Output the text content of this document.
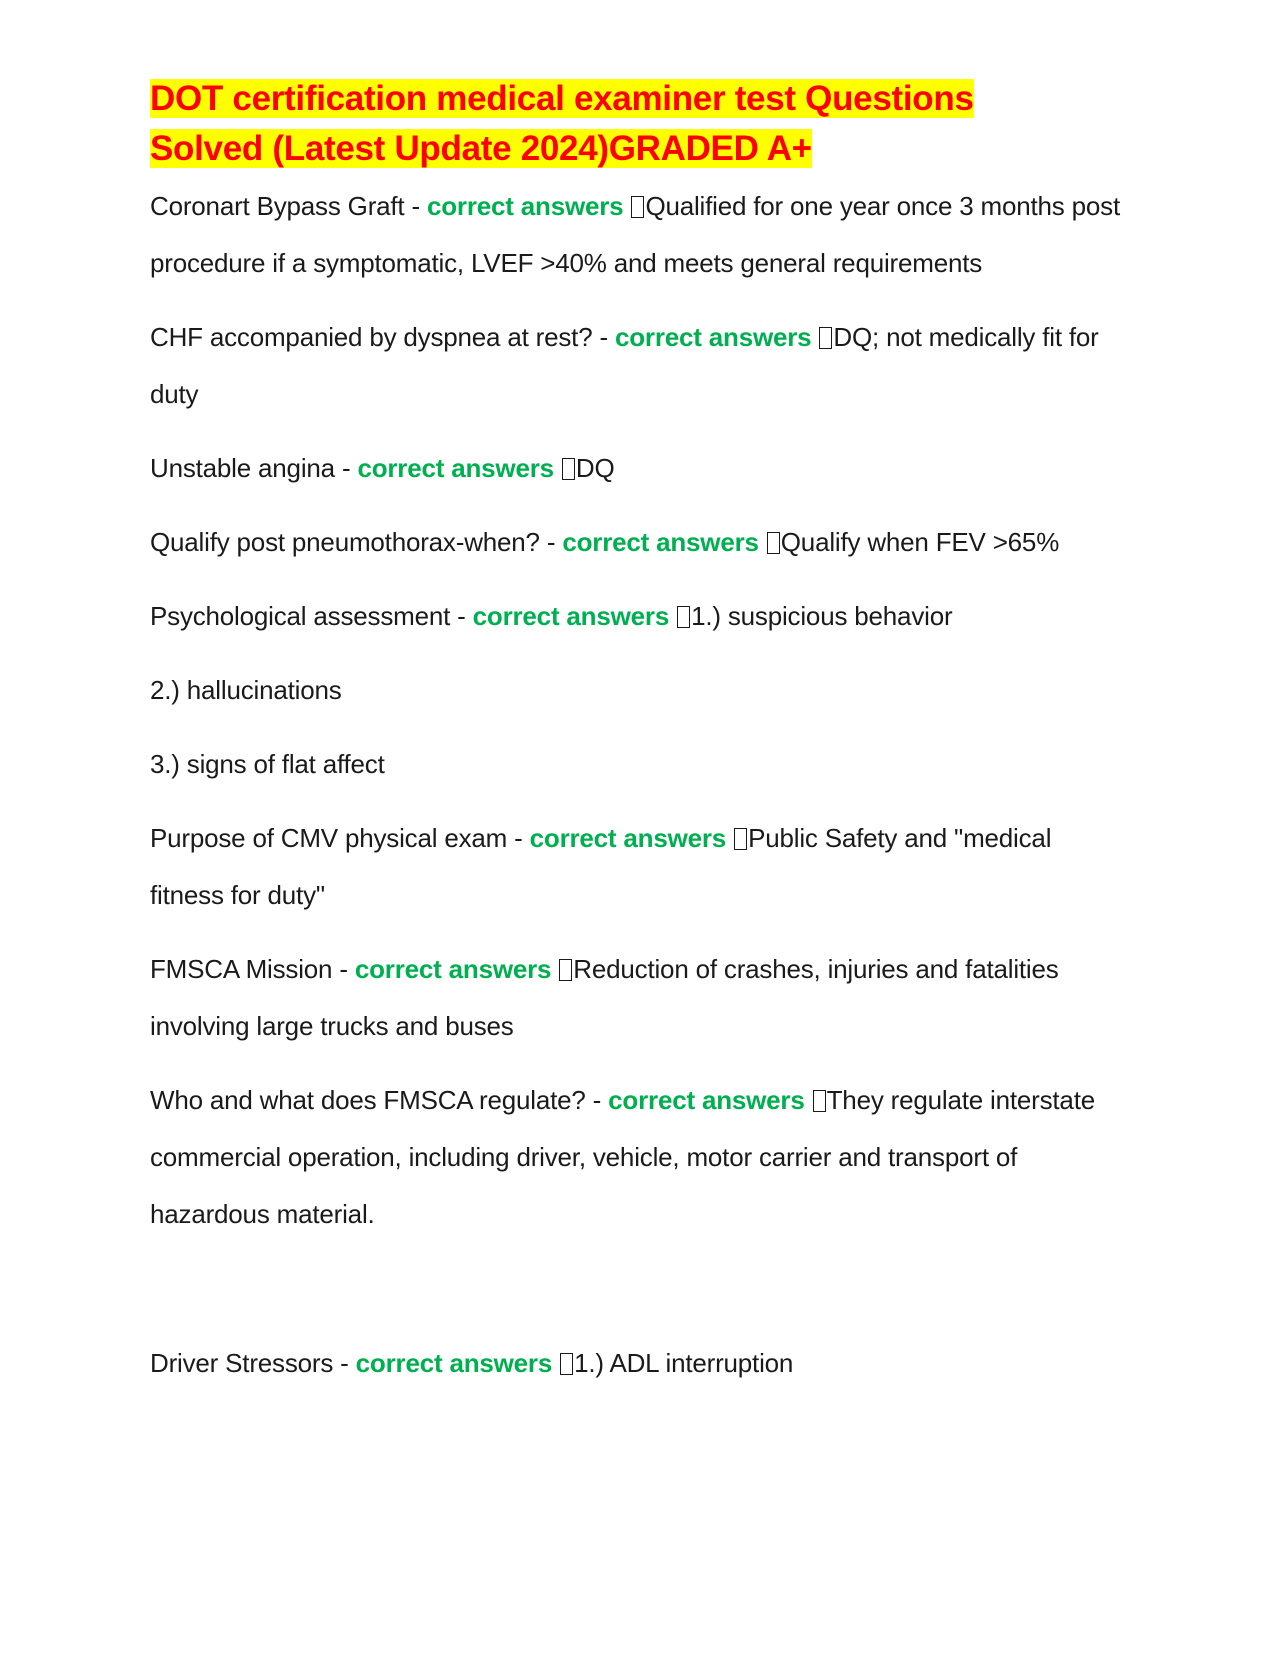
DOT certification medical examiner test Questions
Solved (Latest Update 2024)GRADED A+

Coronart Bypass Graft - correct answers Qualified for one year once 3 months post procedure if a symptomatic, LVEF >40% and meets general requirements

CHF accompanied by dyspnea at rest? - correct answers DQ; not medically fit for duty

Unstable angina - correct answers DQ

Qualify post pneumothorax-when? - correct answers Qualify when FEV >65%

Psychological assessment - correct answers 1.) suspicious behavior

2.) hallucinations

3.) signs of flat affect

Purpose of CMV physical exam - correct answers Public Safety and "medical fitness for duty"

FMSCA Mission - correct answers Reduction of crashes, injuries and fatalities involving large trucks and buses

Who and what does FMSCA regulate? - correct answers They regulate interstate commercial operation, including driver, vehicle, motor carrier and transport of hazardous material.

Driver Stressors - correct answers 1.) ADL interruption
